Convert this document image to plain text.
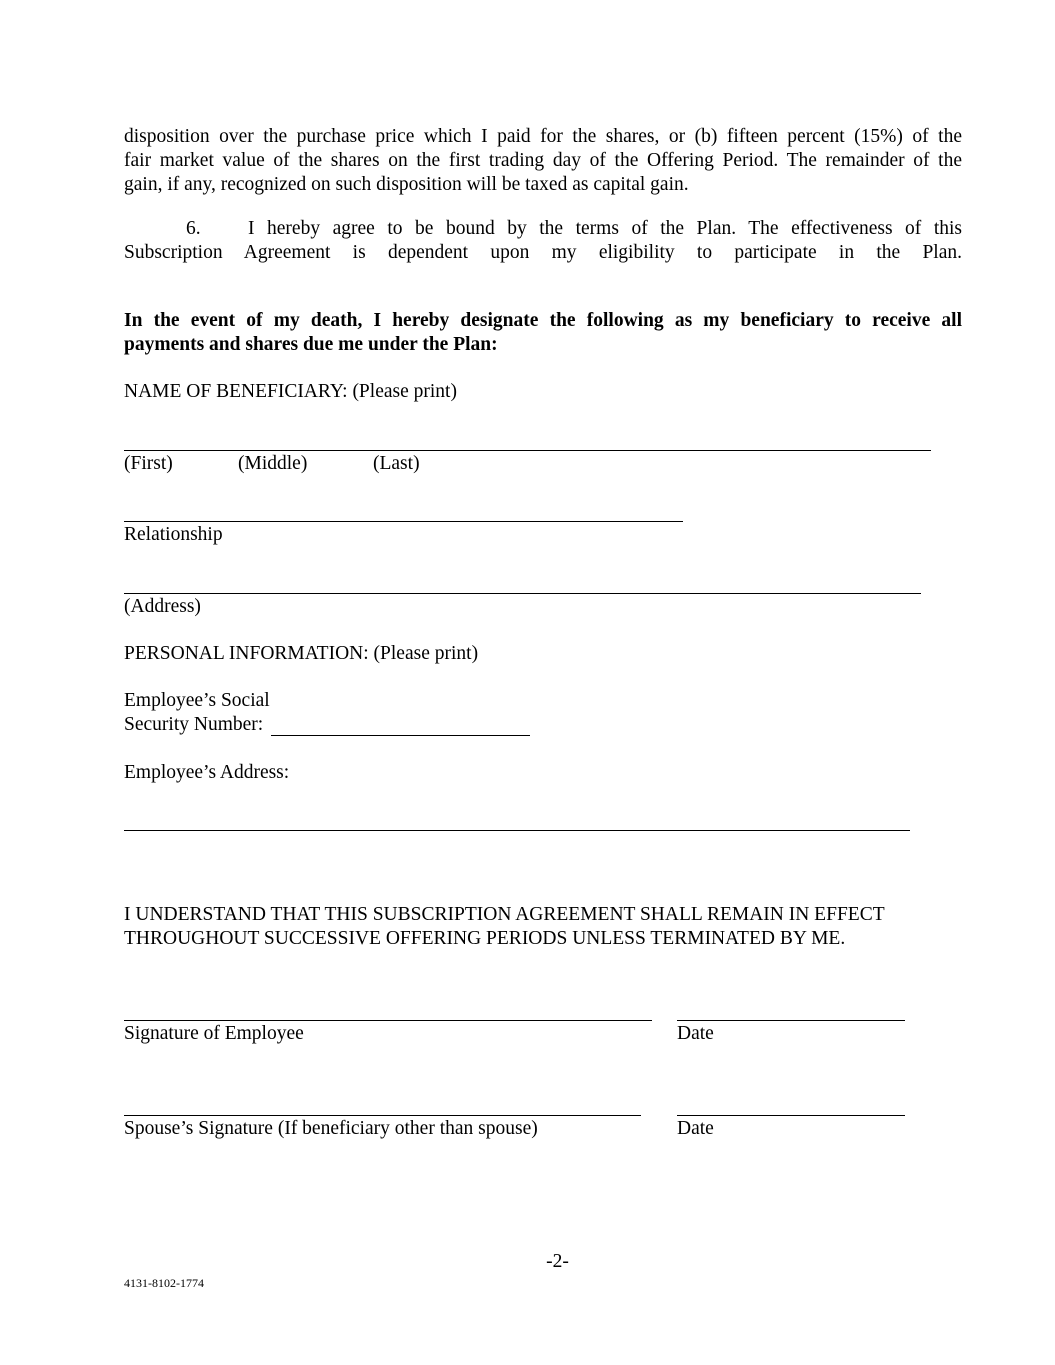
disposition over the purchase price which I paid for the shares, or (b) fifteen percent (15%) of the
fair market value of the shares on the first trading day of the Offering Period. The remainder of the
gain, if any, recognized on such disposition will be taxed as capital gain.
6.	I hereby agree to be bound by the terms of the Plan. The effectiveness of this
Subscription Agreement is dependent upon my eligibility to participate in the Plan.
In the event of my death, I hereby designate the following as my beneficiary to receive all
payments and shares due me under the Plan:
NAME OF BENEFICIARY: (Please print)
(First)	(Middle)	(Last)
Relationship
(Address)
PERSONAL INFORMATION: (Please print)
Employee’s Social
Security Number:
Employee’s Address:
I UNDERSTAND THAT THIS SUBSCRIPTION AGREEMENT SHALL REMAIN IN EFFECT
THROUGHOUT SUCCESSIVE OFFERING PERIODS UNLESS TERMINATED BY ME.
Signature of Employee	Date
Spouse’s Signature (If beneficiary other than spouse)	Date
-2-
4131-8102-1774
